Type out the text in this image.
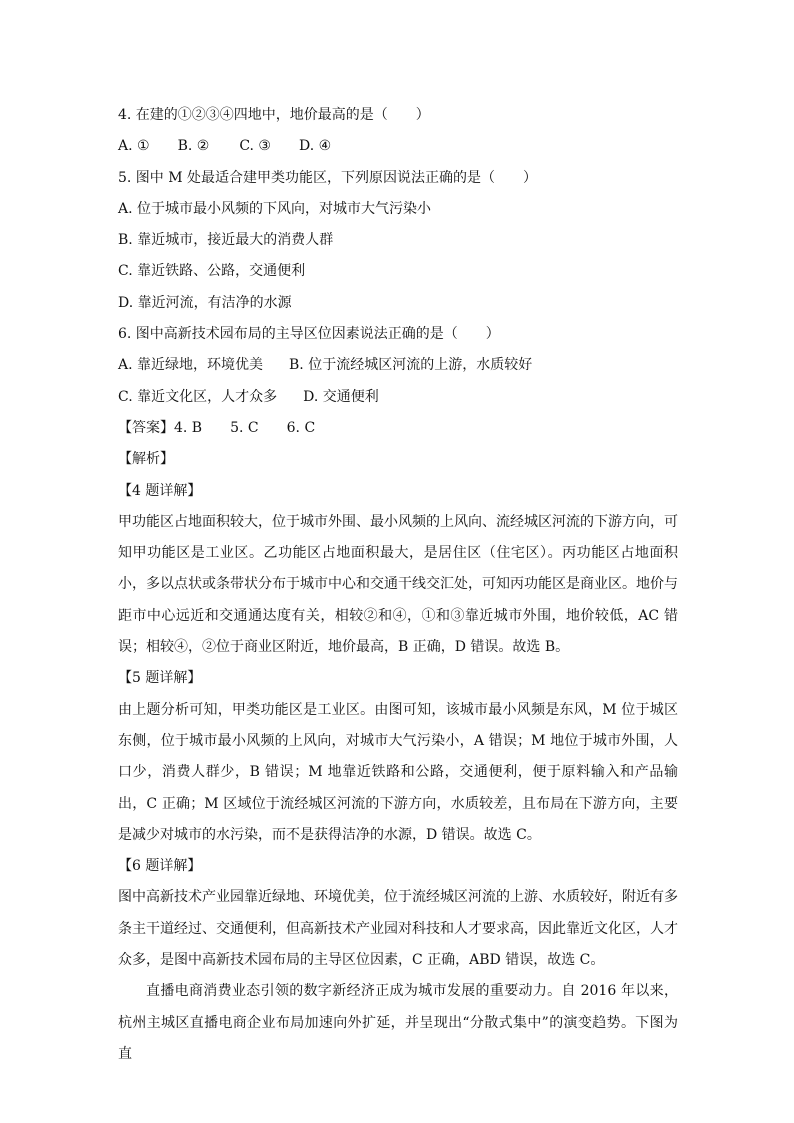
4. 在建的①②③④四地中，地价最高的是（　　）
A. ① B. ② C. ③ D. ④
5. 图中 M 处最适合建甲类功能区，下列原因说法正确的是（　　）
A. 位于城市最小风频的下风向，对城市大气污染小
B. 靠近城市，接近最大的消费人群
C. 靠近铁路、公路，交通便利
D. 靠近河流，有洁净的水源
6. 图中高新技术园布局的主导区位因素说法正确的是（　　）
A. 靠近绿地，环境优美 B. 位于流经城区河流的上游，水质较好
C. 靠近文化区，人才众多 D. 交通便利
【答案】4. B 5. C 6. C
【解析】
【4 题详解】
甲功能区占地面积较大，位于城市外围、最小风频的上风向、流经城区河流的下游方向，可知甲功能区是工业区。乙功能区占地面积最大，是居住区（住宅区）。丙功能区占地面积小，多以点状或条带状分布于城市中心和交通干线交汇处，可知丙功能区是商业区。地价与距市中心远近和交通通达度有关，相较②和④，①和③靠近城市外围，地价较低，AC 错误；相较④，②位于商业区附近，地价最高，B 正确，D 错误。故选 B。
【5 题详解】
由上题分析可知，甲类功能区是工业区。由图可知，该城市最小风频是东风，M 位于城区东侧，位于城市最小风频的上风向，对城市大气污染小，A 错误；M 地位于城市外围，人口少，消费人群少，B 错误；M 地靠近铁路和公路，交通便利，便于原料输入和产品输出，C 正确；M 区域位于流经城区河流的下游方向，水质较差，且布局在下游方向，主要是减少对城市的水污染，而不是获得洁净的水源，D 错误。故选 C。
【6 题详解】
图中高新技术产业园靠近绿地、环境优美，位于流经城区河流的上游、水质较好，附近有多条主干道经过、交通便利，但高新技术产业园对科技和人才要求高，因此靠近文化区，人才众多，是图中高新技术园布局的主导区位因素，C 正确，ABD 错误，故选 C。
直播电商消费业态引领的数字新经济正成为城市发展的重要动力。自 2016 年以来，杭州主城区直播电商企业布局加速向外扩延，并呈现出“分散式集中”的演变趋势。下图为直
